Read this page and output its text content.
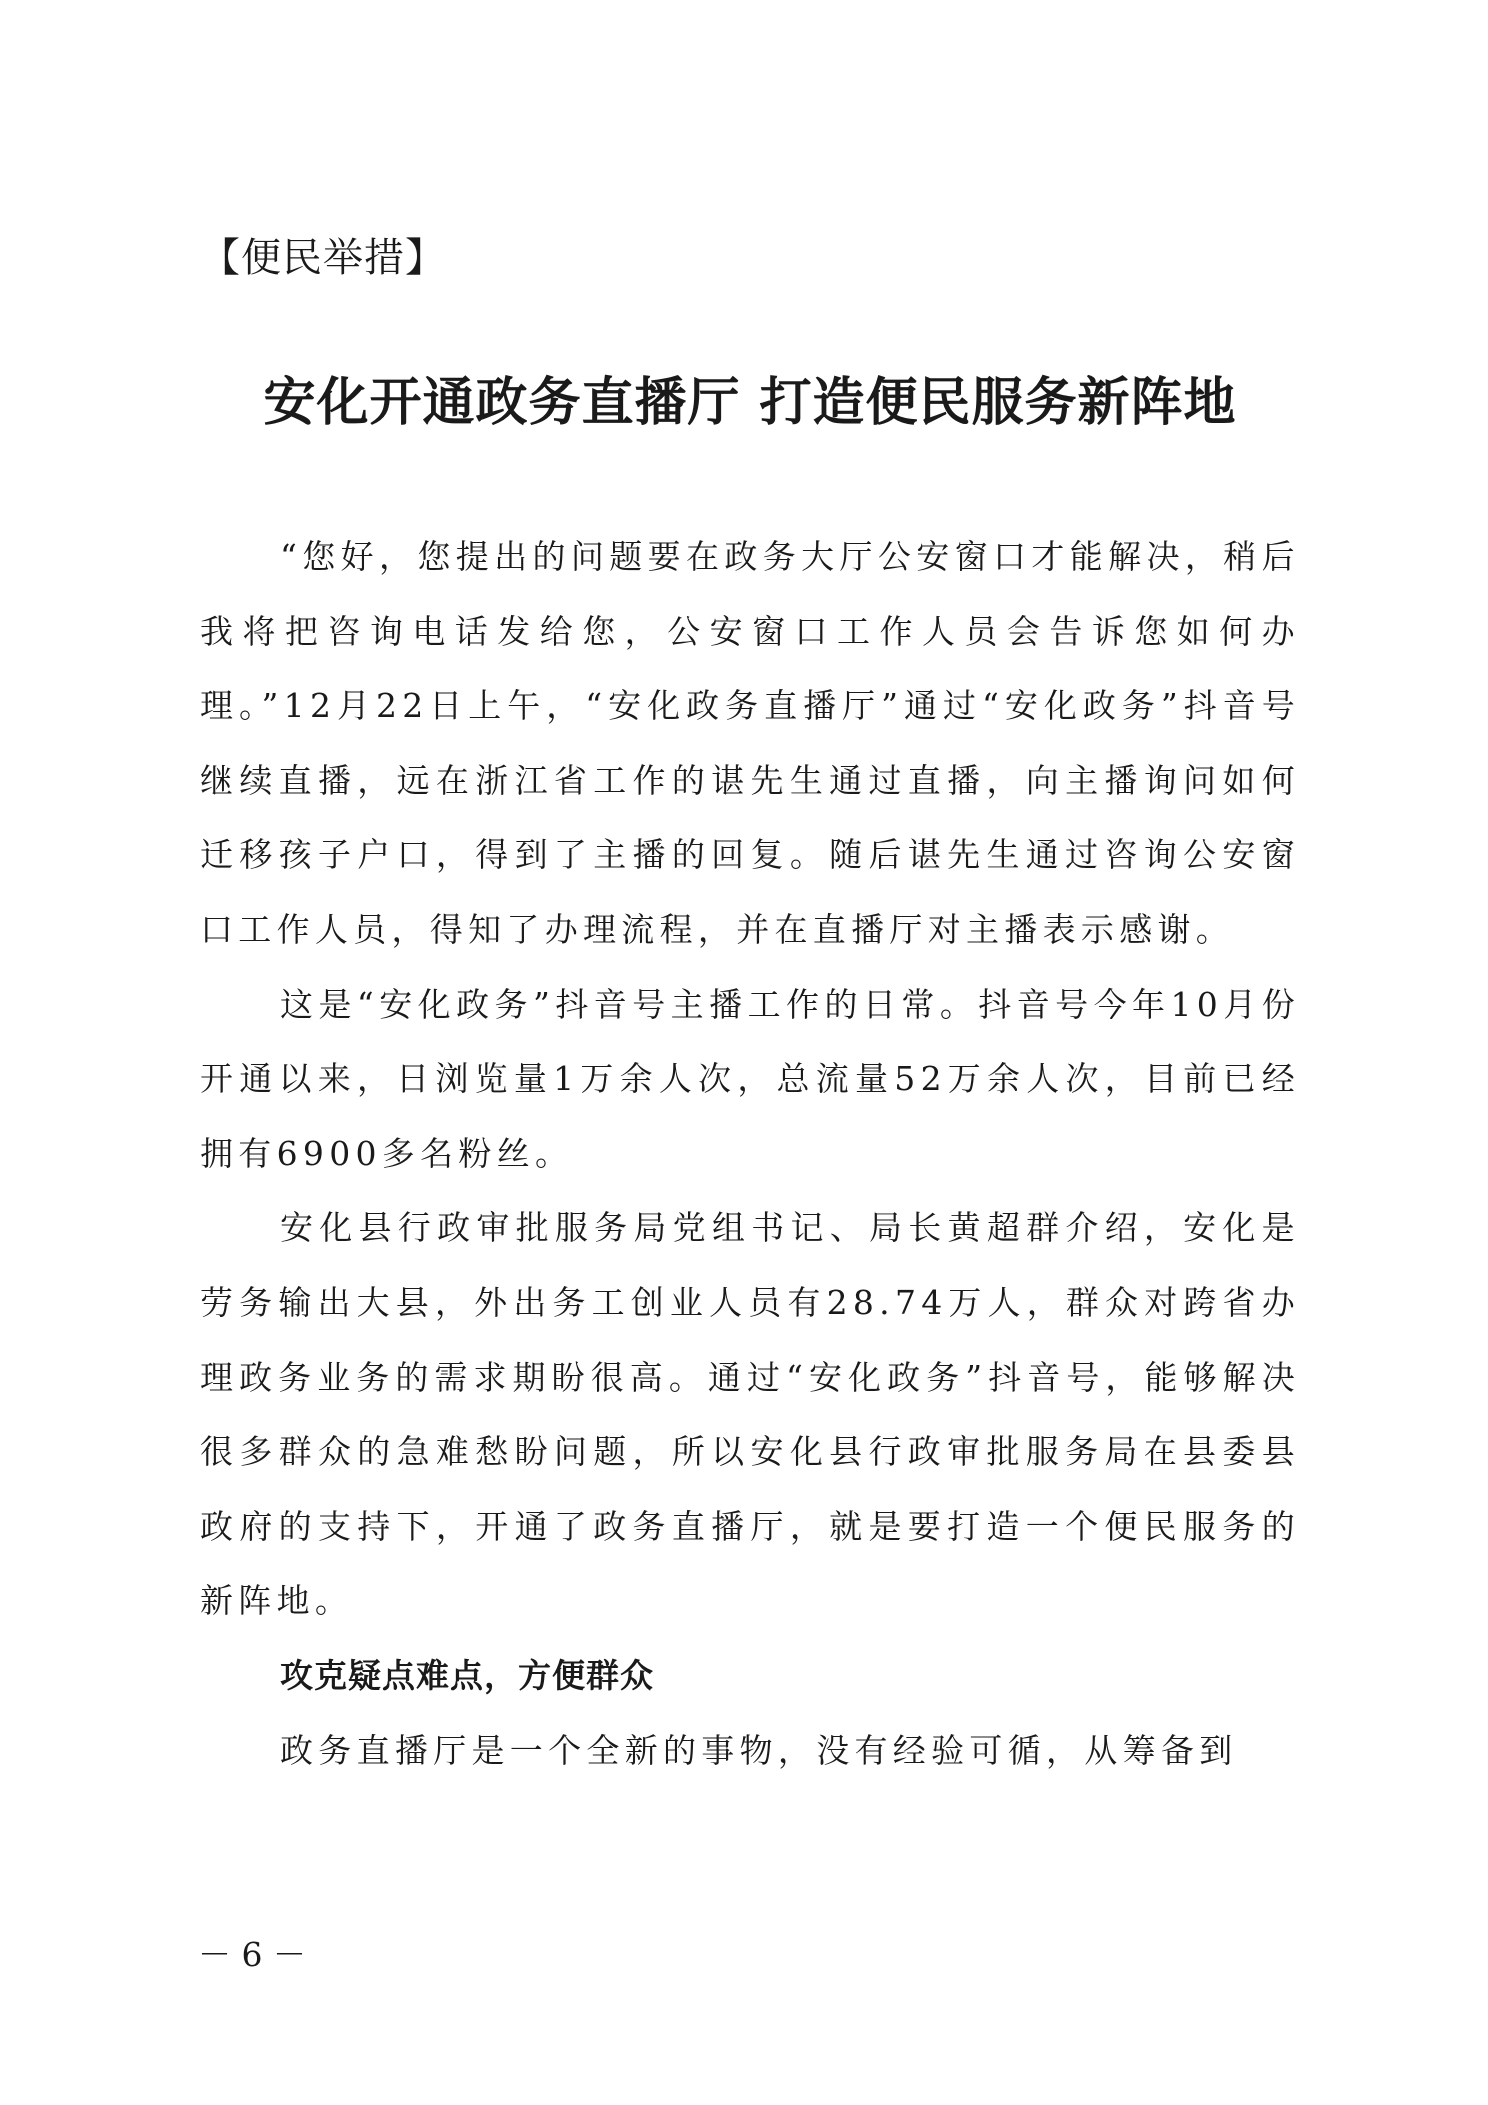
【便民举措】

安化开通政务直播厅 打造便民服务新阵地

“您好，您提出的问题要在政务大厅公安窗口才能解决，稍后我将把咨询电话发给您，公安窗口工作人员会告诉您如何办理。”12月22日上午，“安化政务直播厅”通过“安化政务”抖音号继续直播，远在浙江省工作的谌先生通过直播，向主播询问如何迁移孩子户口，得到了主播的回复。随后谌先生通过咨询公安窗口工作人员，得知了办理流程，并在直播厅对主播表示感谢。

这是“安化政务”抖音号主播工作的日常。抖音号今年10月份开通以来，日浏览量1万余人次，总流量52万余人次，目前已经拥有6900多名粉丝。

安化县行政审批服务局党组书记、局长黄超群介绍，安化是劳务输出大县，外出务工创业人员有28.74万人，群众对跨省办理政务业务的需求期盼很高。通过“安化政务”抖音号，能够解决很多群众的急难愁盼问题，所以安化县行政审批服务局在县委县政府的支持下，开通了政务直播厅，就是要打造一个便民服务的新阵地。

攻克疑点难点，方便群众

政务直播厅是一个全新的事物，没有经验可循，从筹备到

－ 6 －
